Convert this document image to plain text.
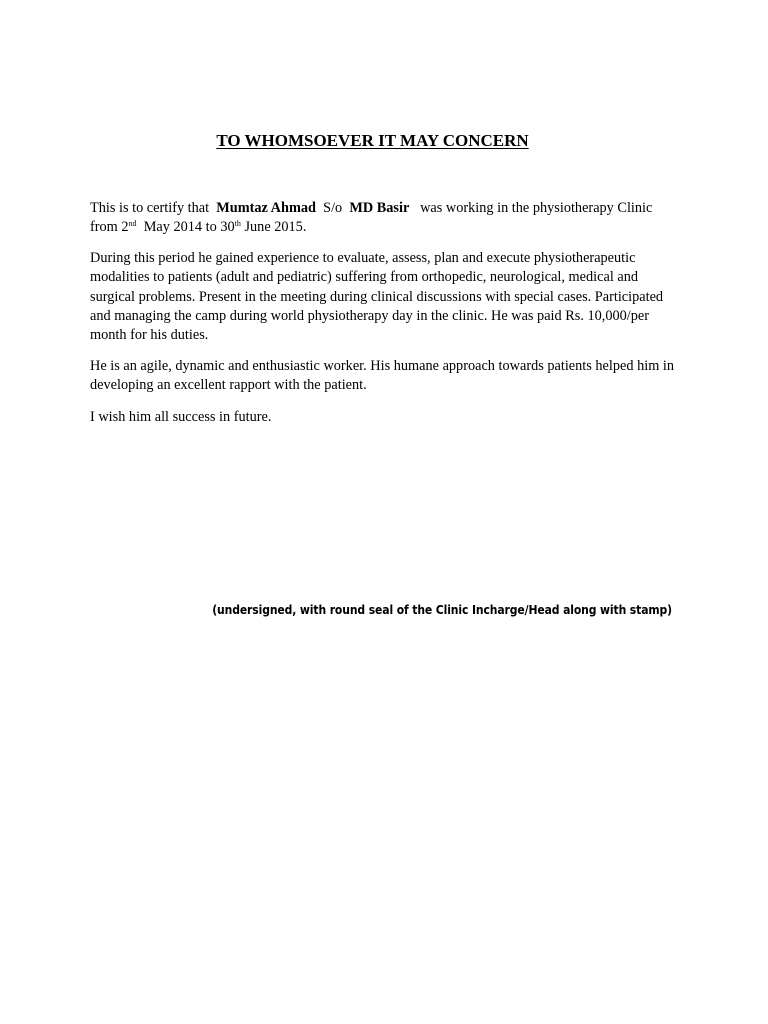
TO WHOMSOEVER IT MAY CONCERN

This is to certify that Mumtaz Ahmad S/o MD Basir was working in the physiotherapy Clinic
from 2nd May 2014 to 30th June 2015.

During this period he gained experience to evaluate, assess, plan and execute physiotherapeutic modalities to patients (adult and pediatric) suffering from orthopedic, neurological, medical and surgical problems. Present in the meeting during clinical discussions with special cases. Participated and managing the camp during world physiotherapy day in the clinic. He was paid Rs. 10,000/per month for his duties.

He is an agile, dynamic and enthusiastic worker. His humane approach towards patients helped him in developing an excellent rapport with the patient.

I wish him all success in future.

(undersigned, with round seal of the Clinic Incharge/Head along with stamp)
